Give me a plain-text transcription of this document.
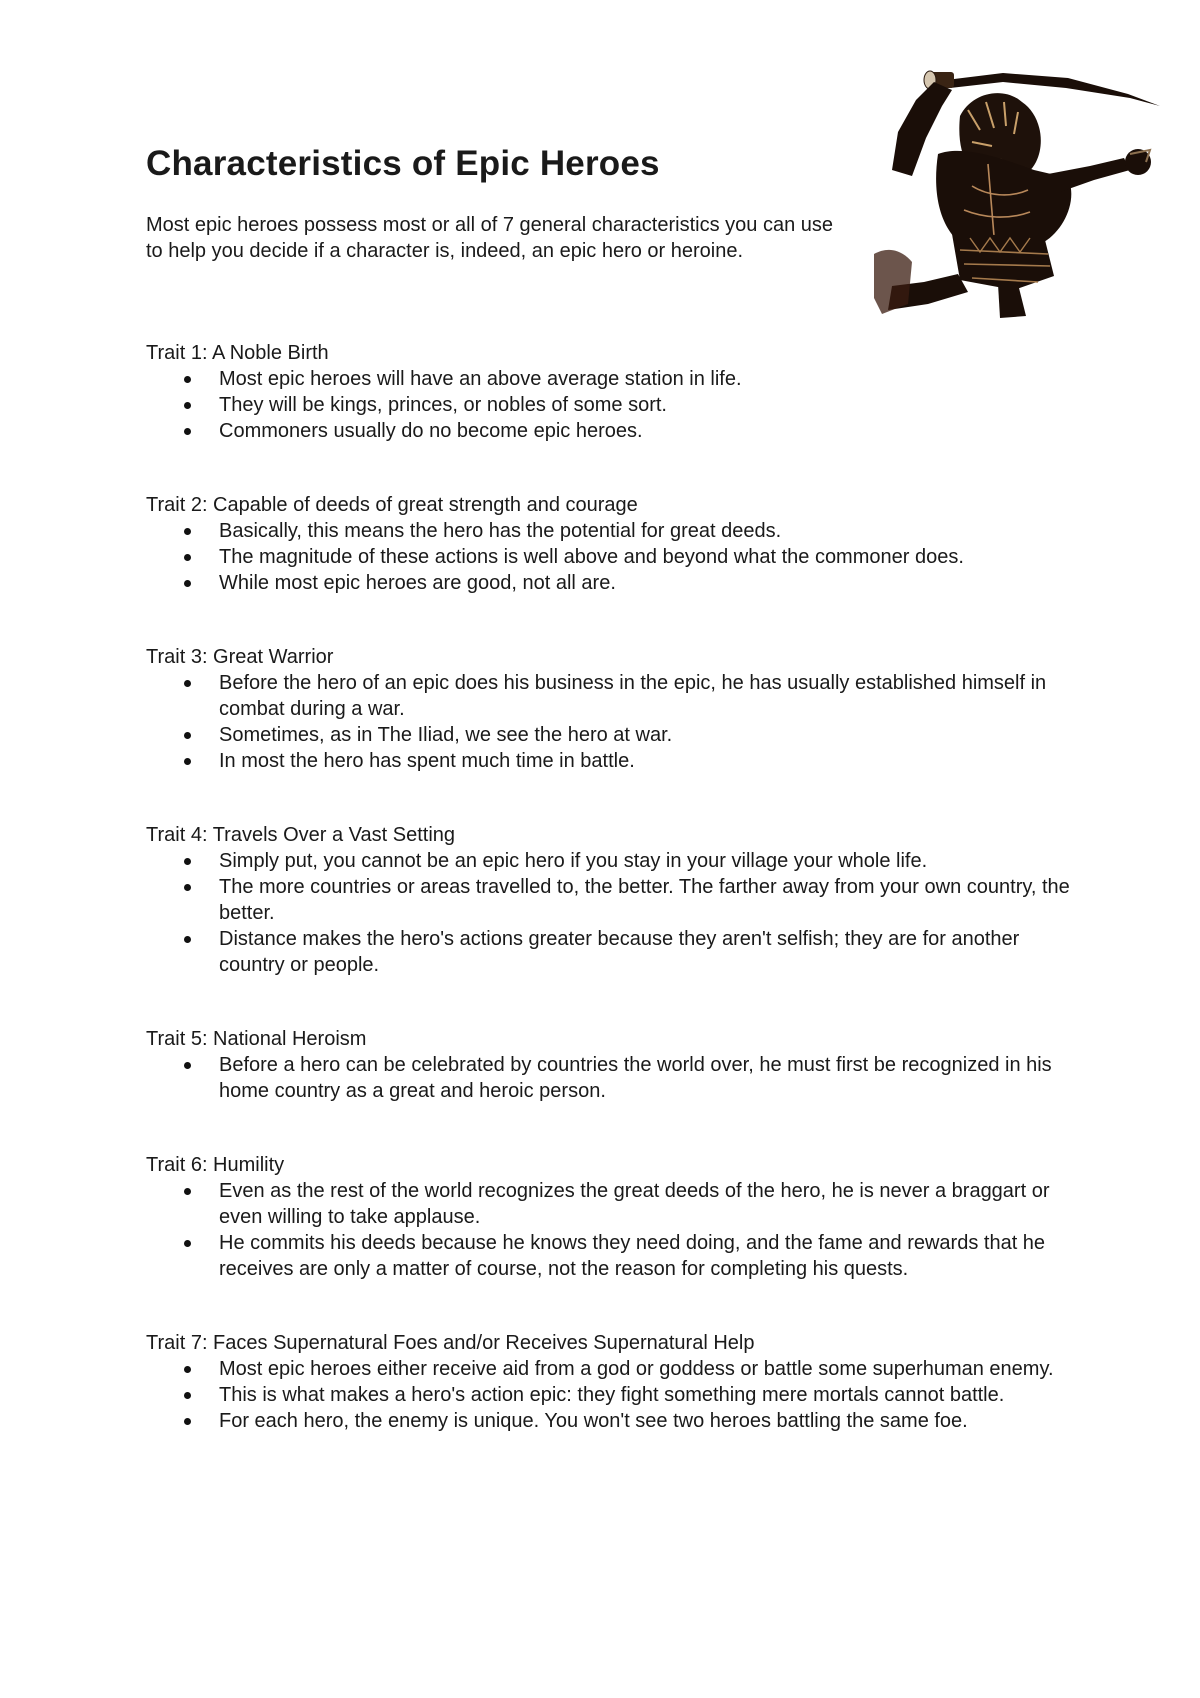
Characteristics of Epic Heroes

Most epic heroes possess most or all of 7 general characteristics you can use to help you decide if a character is, indeed, an epic hero or heroine.

Trait 1: A Noble Birth

Most epic heroes will have an above average station in life.
They will be kings, princes, or nobles of some sort.
Commoners usually do no become epic heroes.

Trait 2: Capable of deeds of great strength and courage

Basically, this means the hero has the potential for great deeds.
The magnitude of these actions is well above and beyond what the commoner does.
While most epic heroes are good, not all are.

Trait 3: Great Warrior

Before the hero of an epic does his business in the epic, he has usually established himself in combat during a war.
Sometimes, as in The Iliad, we see the hero at war.
In most the hero has spent much time in battle.

Trait 4: Travels Over a Vast Setting

Simply put, you cannot be an epic hero if you stay in your village your whole life.
The more countries or areas travelled to, the better. The farther away from your own country, the better.
Distance makes the hero's actions greater because they aren't selfish; they are for another country or people.

Trait 5: National Heroism

Before a hero can be celebrated by countries the world over, he must first be recognized in his home country as a great and heroic person.

Trait 6: Humility

Even as the rest of the world recognizes the great deeds of the hero, he is never a braggart or even willing to take applause.
He commits his deeds because he knows they need doing, and the fame and rewards that he receives are only a matter of course, not the reason for completing his quests.

Trait 7: Faces Supernatural Foes and/or Receives Supernatural Help

Most epic heroes either receive aid from a god or goddess or battle some superhuman enemy.
This is what makes a hero's action epic: they fight something mere mortals cannot battle.
For each hero, the enemy is unique. You won't see two heroes battling the same foe.
